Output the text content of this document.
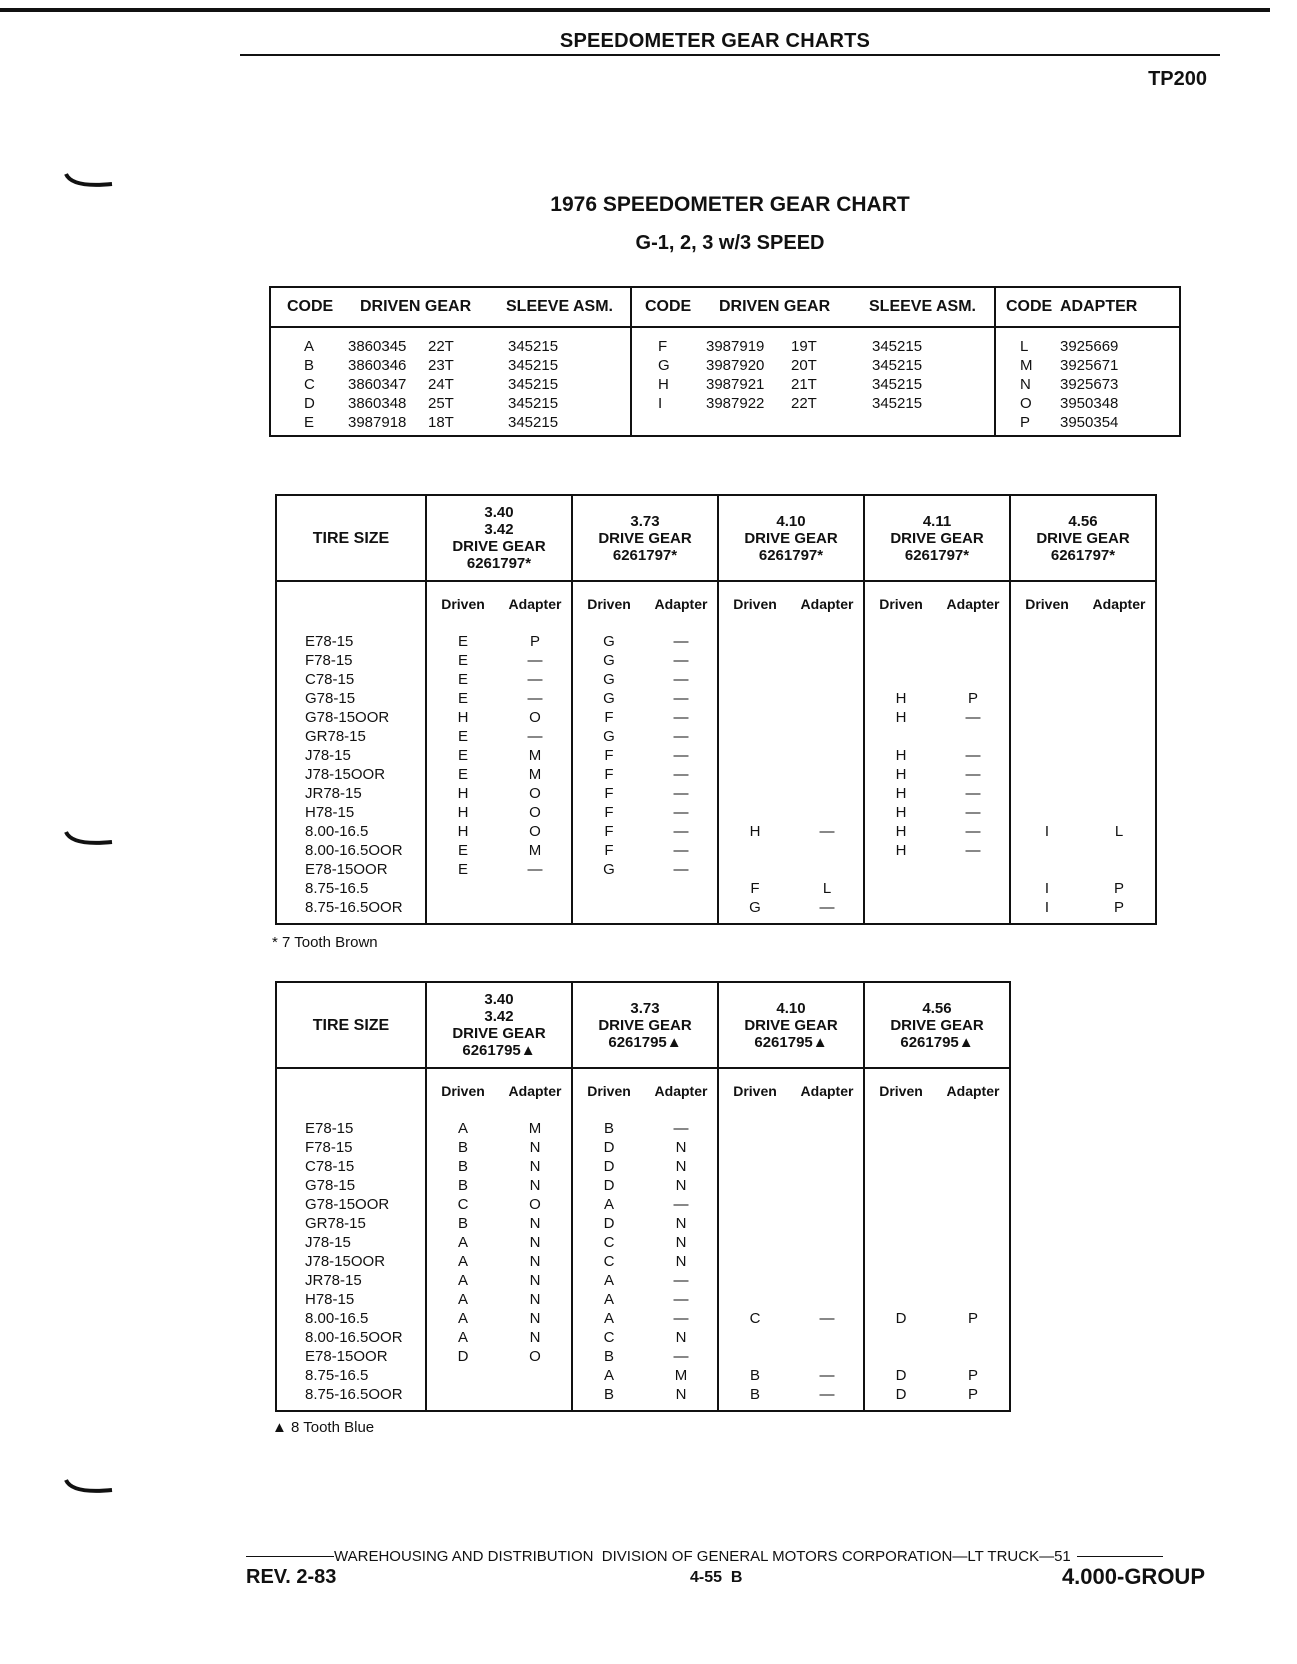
SPEEDOMETER GEAR CHARTS
TP200
1976 SPEEDOMETER GEAR CHART
G-1, 2, 3 w/3 SPEED
CODE	DRIVEN GEAR		SLEEVE ASM.	CODE	DRIVEN GEAR		SLEEVE ASM.	CODE	ADAPTER
A	3860345	22T	345215	F	3987919	19T	345215	L	3925669
B	3860346	23T	345215	G	3987920	20T	345215	M	3925671
C	3860347	24T	345215	H	3987921	21T	345215	N	3925673
D	3860348	25T	345215	I	3987922	22T	345215	O	3950348
E	3987918	18T	345215					P	3950354
TIRE SIZE	3.40
3.42
DRIVE GEAR
6261797*		3.73
DRIVE GEAR
6261797*		4.10
DRIVE GEAR
6261797*		4.11
DRIVE GEAR
6261797*		4.56
DRIVE GEAR
6261797*	

	Driven	Adapter	Driven	Adapter	Driven	Adapter	Driven	Adapter	Driven	Adapter

E78-15	E	P	G	—						
F78-15	E	—	G	—						
C78-15	E	—	G	—						
G78-15	E	—	G	—			H	P		
G78-15OOR	H	O	F	—			H	—		
GR78-15	E	—	G	—						
J78-15	E	M	F	—			H	—		
J78-15OOR	E	M	F	—			H	—		
JR78-15	H	O	F	—			H	—		
H78-15	H	O	F	—			H	—		
8.00-16.5	H	O	F	—	H	—	H	—	I	L
8.00-16.5OOR	E	M	F	—			H	—		
E78-15OOR	E	—	G	—						
8.75-16.5					F	L			I	P
8.75-16.5OOR					G	—			I	P
* 7 Tooth Brown
TIRE SIZE	3.40
3.42
DRIVE GEAR
6261795▲		3.73
DRIVE GEAR
6261795▲		4.10
DRIVE GEAR
6261795▲		4.56
DRIVE GEAR
6261795▲	

	Driven	Adapter	Driven	Adapter	Driven	Adapter	Driven	Adapter

E78-15	A	M	B	—				
F78-15	B	N	D	N				
C78-15	B	N	D	N				
G78-15	B	N	D	N				
G78-15OOR	C	O	A	—				
GR78-15	B	N	D	N				
J78-15	A	N	C	N				
J78-15OOR	A	N	C	N				
JR78-15	A	N	A	—				
H78-15	A	N	A	—				
8.00-16.5	A	N	A	—	C	—	D	P
8.00-16.5OOR	A	N	C	N				
E78-15OOR	D	O	B	—				
8.75-16.5			A	M	B	—	D	P
8.75-16.5OOR			B	N	B	—	D	P
▲ 8 Tooth Blue
WAREHOUSING AND DISTRIBUTION  DIVISION OF GENERAL MOTORS CORPORATION—LT TRUCK—51
REV. 2-83	4-55  B	4.000-GROUP
